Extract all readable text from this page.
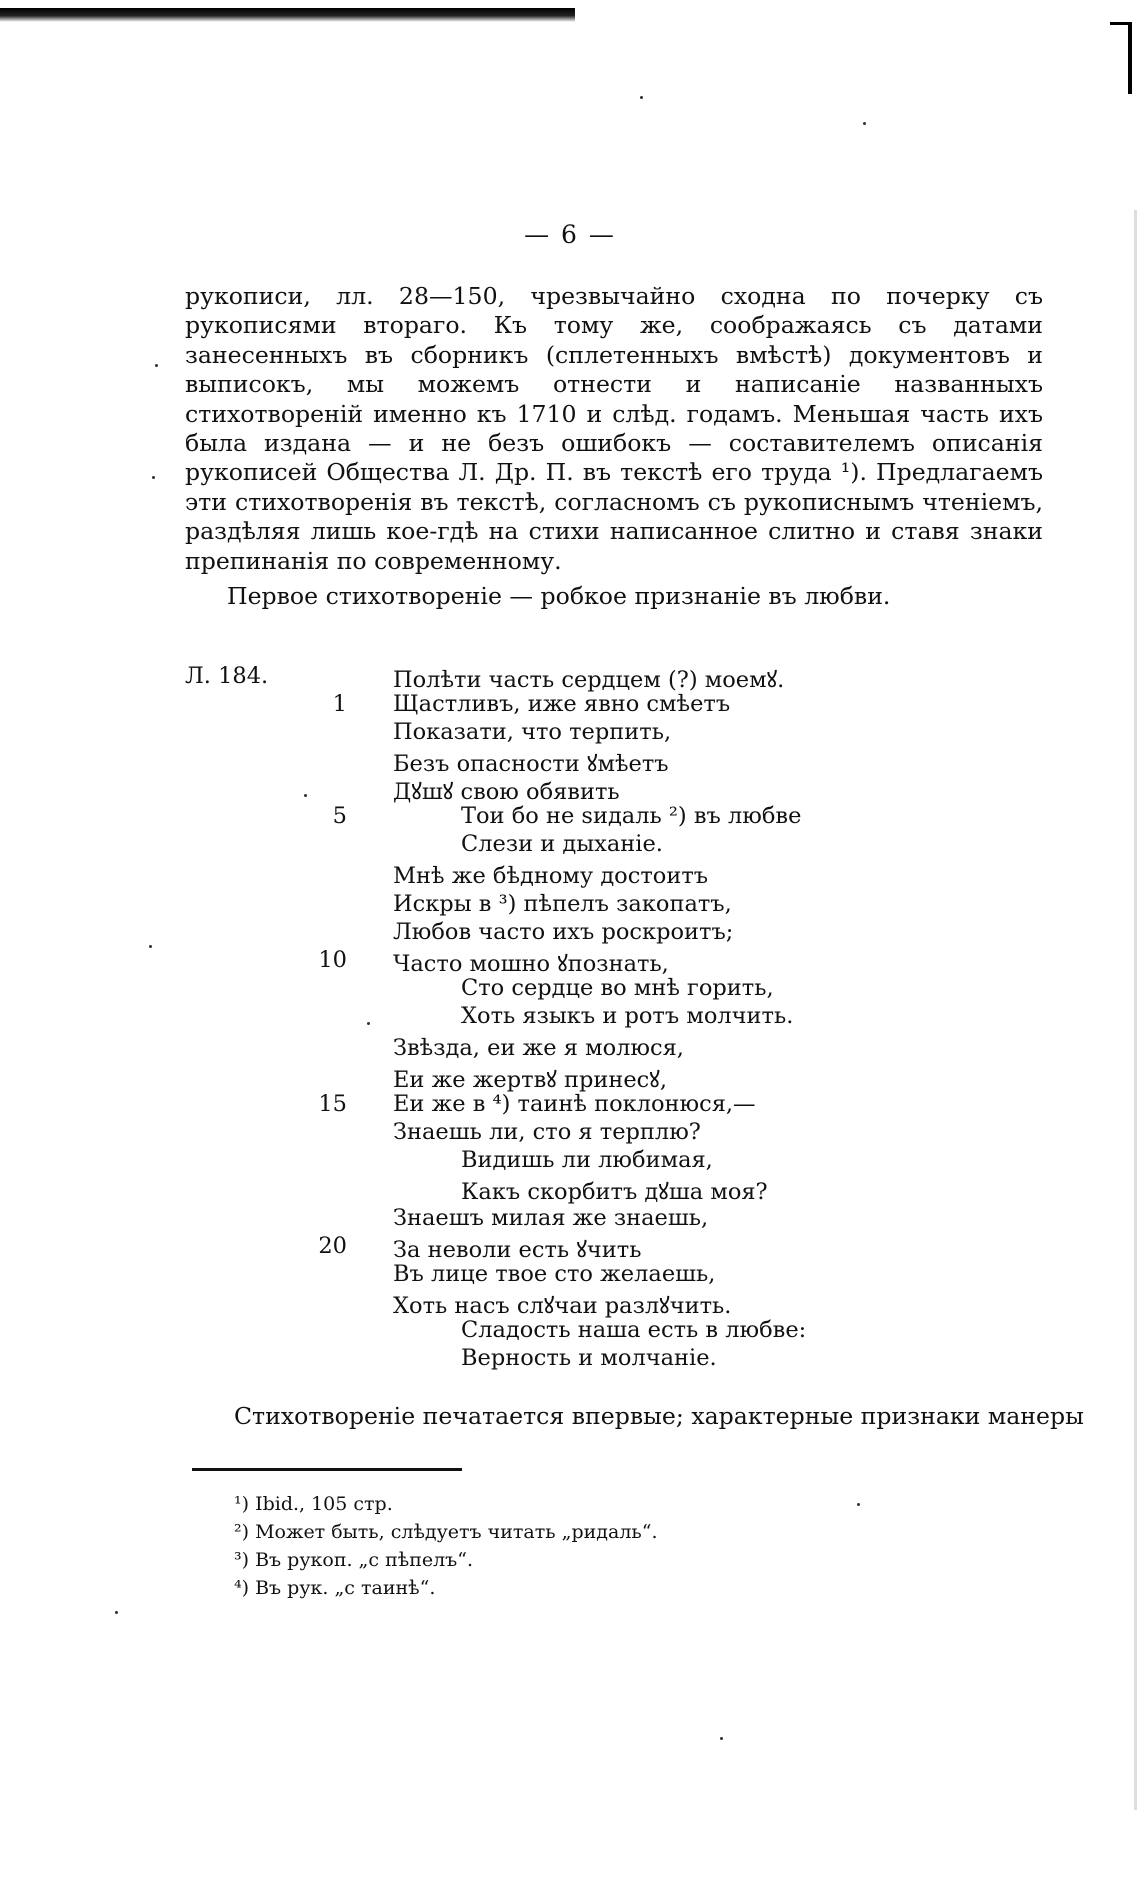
— 6 —

рукописи, лл. 28—150, чрезвычайно сходна по почерку съ рукописями втораго. Къ тому же, соображаясь съ датами занесенныхъ въ сборникъ (сплетенныхъ вмѣстѣ) документовъ и выписокъ, мы можемъ отнести и написаніе названныхъ стихотвореній именно къ 1710 и слѣд. годамъ. Меньшая часть ихъ была издана — и не безъ ошибокъ — составителемъ описанія рукописей Общества Л. Др. П. въ текстѣ его труда ¹). Предлагаемъ эти стихотворенія въ текстѣ, согласномъ съ рукописнымъ чтеніемъ, раздѣляя лишь кое-гдѣ на стихи написанное слитно и ставя знаки препинанія по современному.

Первое стихотвореніе — робкое признаніе въ любви.

Л. 184.	Полѣти часть сердцем (?) моемꙋ.
1 Щастливъ, иже явно смѣетъ
Показати, что терпить,
Безъ опасности ꙋмѣетъ
Дꙋшꙋ свою обявить
5	Тои бо не ѕидаль ²) въ любве
Слези и дыханіе.
Мнѣ же бѣдному достоитъ
Искры в ³) пѣпелъ закопатъ,
Любов часто ихъ роскроитъ;
10 Часто мошно ꙋпознать,
Сто сердце во мнѣ горить,
Хоть языкъ и ротъ молчить.
Звѣзда, еи же я молюся,
Еи же жертвꙋ принесꙋ,
15 Еи же в ⁴) таинѣ поклонюся,—
Знаешь ли, сто я терплю?
Видишь ли любимая,
Какъ скорбитъ дꙋша моя?
Знаешъ милая же знаешь,
20 За неволи есть ꙋчить
Въ лице твое сто желаешь,
Хоть насъ слꙋчаи разлꙋчить.
Сладость наша есть в любве:
Верность и молчаніе.
Стихотвореніе печатается впервые; характерные признаки манеры
¹) Ibid., 105 стр.
²) Может быть, слѣдуетъ читать „ридаль“.
³) Въ рукоп. „с пѣпелъ“.
⁴) Въ рук. „с таинѣ“.
